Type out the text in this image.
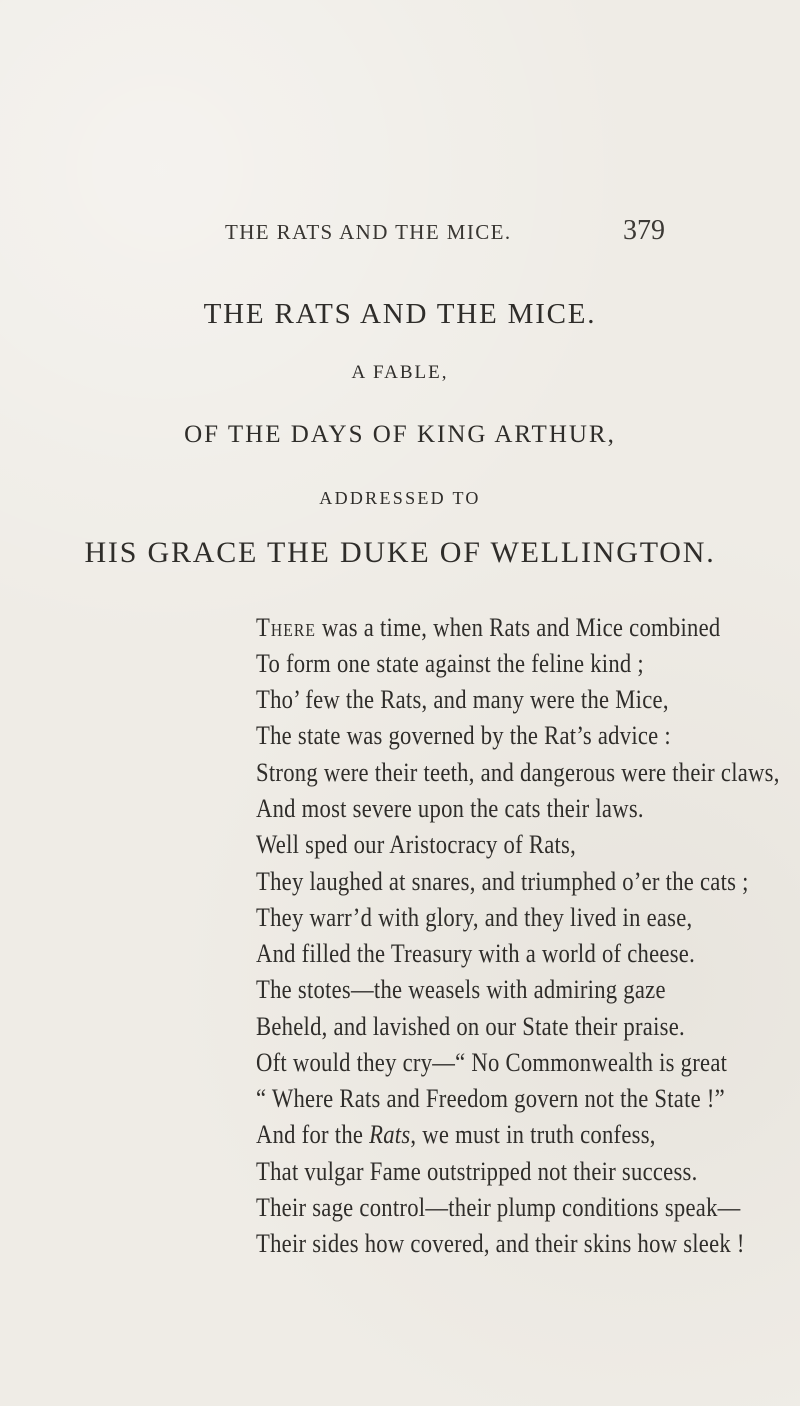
THE RATS AND THE MICE.	379
THE RATS AND THE MICE.
A FABLE,
OF THE DAYS OF KING ARTHUR,
ADDRESSED TO
HIS GRACE THE DUKE OF WELLINGTON.
There was a time, when Rats and Mice combined
To form one state against the feline kind ;
Tho’ few the Rats, and many were the Mice,
The state was governed by the Rat’s advice :
Strong were their teeth, and dangerous were their claws,
And most severe upon the cats their laws.
Well sped our Aristocracy of Rats,
They laughed at snares, and triumphed o’er the cats ;
They warr’d with glory, and they lived in ease,
And filled the Treasury with a world of cheese.
The stotes—the weasels with admiring gaze
Beheld, and lavished on our State their praise.
Oft would they cry—“ No Commonwealth is great
“ Where Rats and Freedom govern not the State !”
And for the Rats, we must in truth confess,
That vulgar Fame outstripped not their success.
Their sage control—their plump conditions speak—
Their sides how covered, and their skins how sleek !
